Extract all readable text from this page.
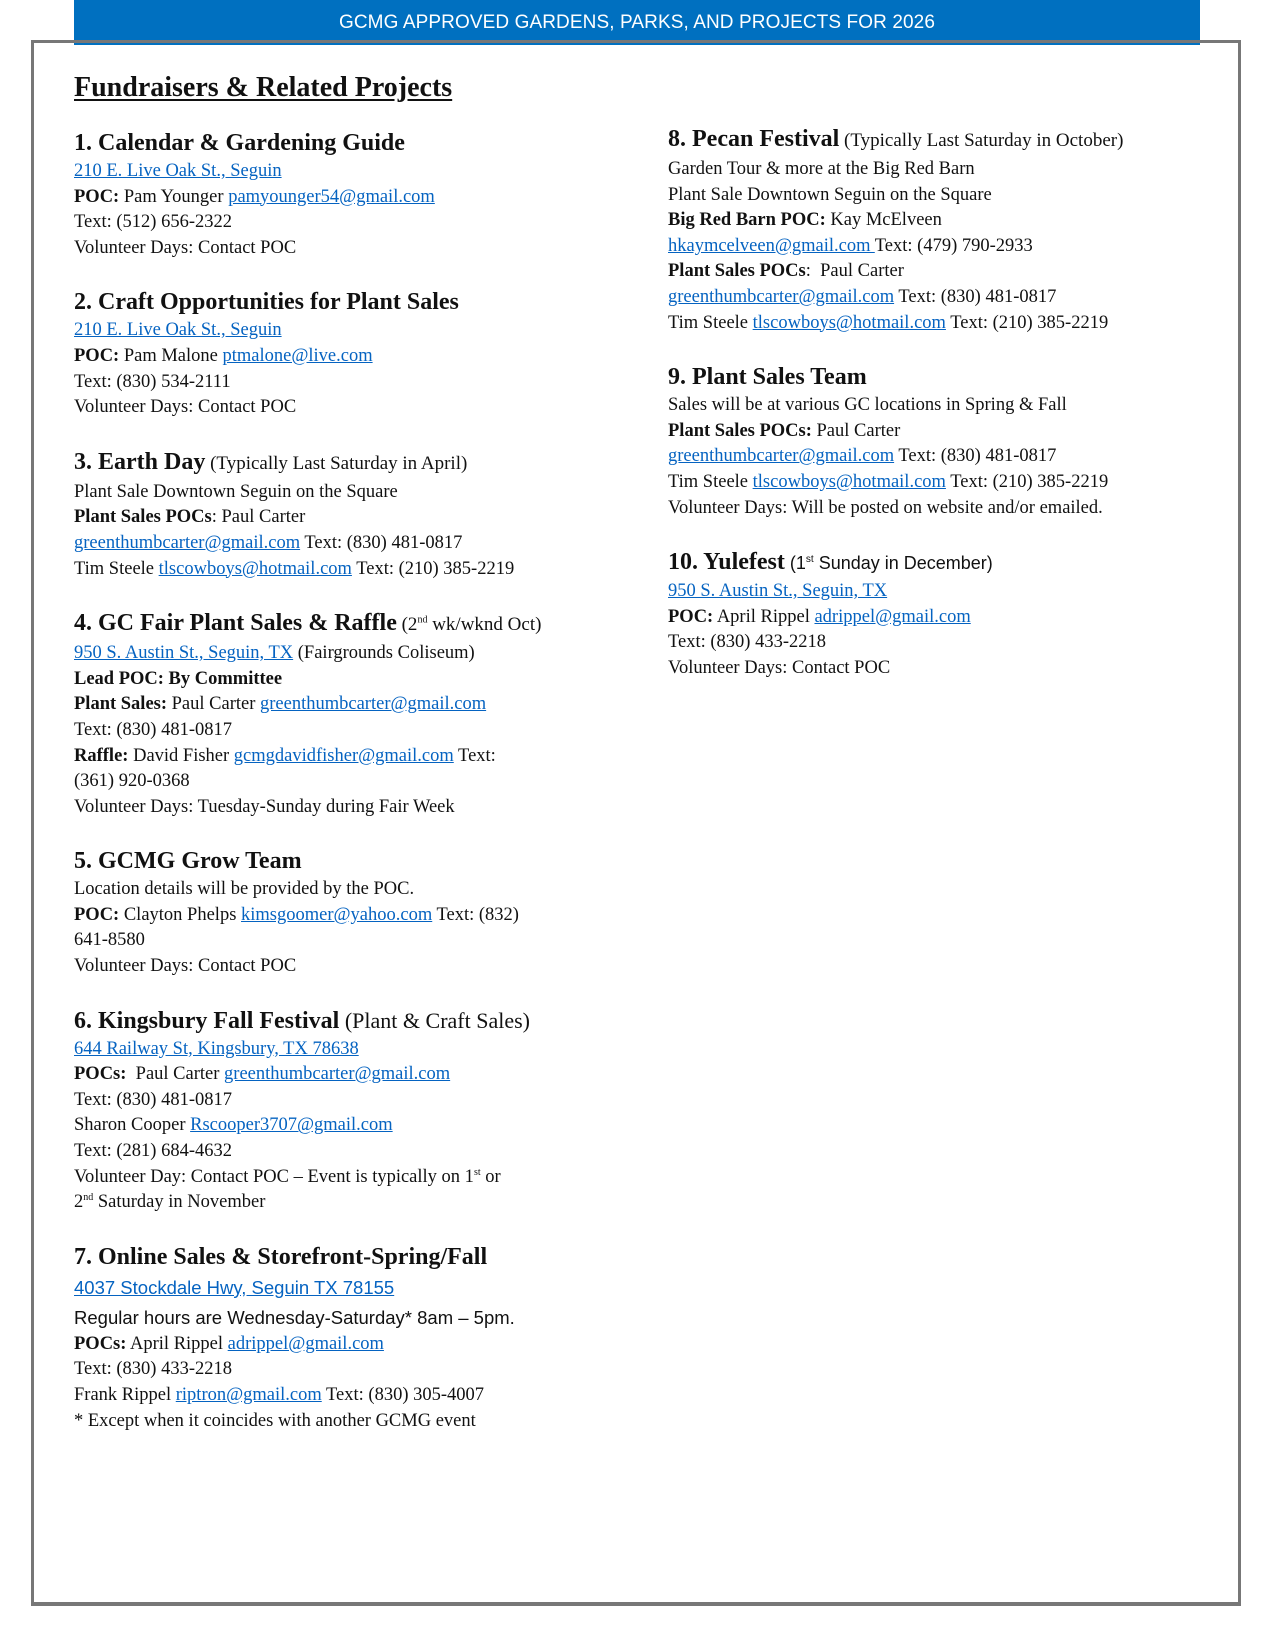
GCMG APPROVED GARDENS, PARKS, AND PROJECTS FOR 2026
Fundraisers & Related Projects
1. Calendar & Gardening Guide

210 E. Live Oak St., Seguin

POC: Pam Younger pamyounger54@gmail.com

Text: (512) 656-2322

Volunteer Days: Contact POC

2. Craft Opportunities for Plant Sales

210 E. Live Oak St., Seguin

POC: Pam Malone ptmalone@live.com

Text: (830) 534-2111

Volunteer Days: Contact POC

3. Earth Day (Typically Last Saturday in April)

Plant Sale Downtown Seguin on the Square

Plant Sales POCs: Paul Carter

greenthumbcarter@gmail.com Text: (830) 481-0817

Tim Steele tlscowboys@hotmail.com Text: (210) 385-2219

4. GC Fair Plant Sales & Raffle (2nd wk/wknd Oct)

950 S. Austin St., Seguin, TX (Fairgrounds Coliseum)

Lead POC: By Committee

Plant Sales: Paul Carter greenthumbcarter@gmail.com

Text: (830) 481-0817

Raffle: David Fisher gcmgdavidfisher@gmail.com Text:

(361) 920-0368

Volunteer Days: Tuesday-Sunday during Fair Week

5. GCMG Grow Team

Location details will be provided by the POC.

POC: Clayton Phelps kimsgoomer@yahoo.com Text: (832)

641-8580

Volunteer Days: Contact POC

6. Kingsbury Fall Festival (Plant & Craft Sales)

644 Railway St, Kingsbury, TX 78638

POCs:  Paul Carter greenthumbcarter@gmail.com

Text: (830) 481-0817

Sharon Cooper Rscooper3707@gmail.com

Text: (281) 684-4632

Volunteer Day: Contact POC – Event is typically on 1st or

2nd Saturday in November

7. Online Sales & Storefront-Spring/Fall

4037 Stockdale Hwy, Seguin TX 78155

Regular hours are Wednesday-Saturday* 8am – 5pm.

POCs: April Rippel adrippel@gmail.com

Text: (830) 433-2218

Frank Rippel riptron@gmail.com Text: (830) 305-4007

* Except when it coincides with another GCMG event

8. Pecan Festival (Typically Last Saturday in October)

Garden Tour & more at the Big Red Barn

Plant Sale Downtown Seguin on the Square

Big Red Barn POC: Kay McElveen

hkaymcelveen@gmail.com Text: (479) 790-2933

Plant Sales POCs:  Paul Carter

greenthumbcarter@gmail.com Text: (830) 481-0817

Tim Steele tlscowboys@hotmail.com Text: (210) 385-2219

9. Plant Sales Team

Sales will be at various GC locations in Spring & Fall

Plant Sales POCs: Paul Carter

greenthumbcarter@gmail.com Text: (830) 481-0817

Tim Steele tlscowboys@hotmail.com Text: (210) 385-2219

Volunteer Days: Will be posted on website and/or emailed.

10. Yulefest (1st Sunday in December)

950 S. Austin St., Seguin, TX

POC: April Rippel adrippel@gmail.com

Text: (830) 433-2218

Volunteer Days: Contact POC
